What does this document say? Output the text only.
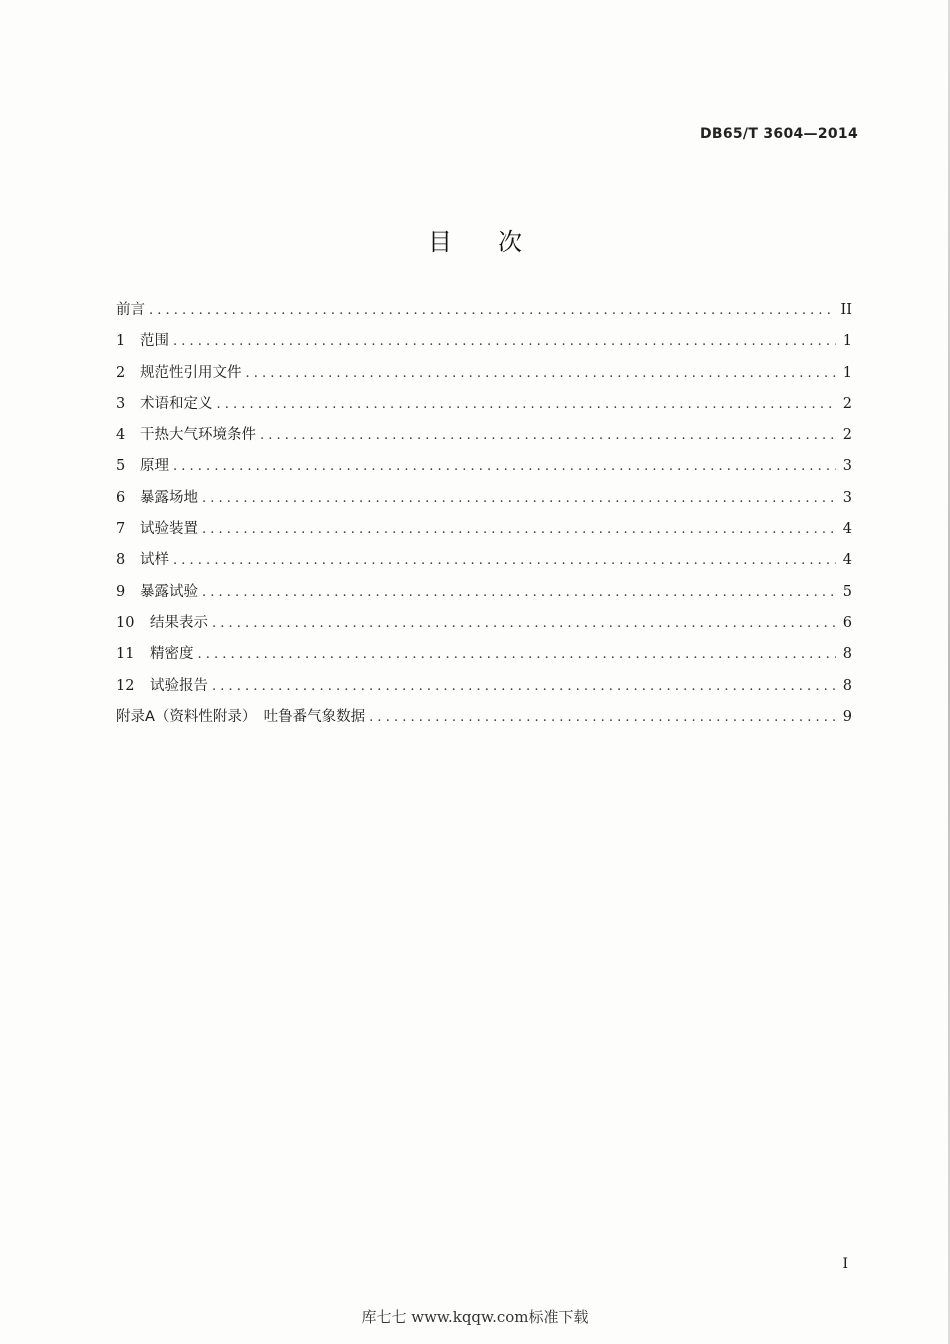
DB65/T 3604—2014
目次
前言 . . .	II
1	范围 . . .	1
2	规范性引用文件 . . .	1
3	术语和定义 . . .	2
4	干热大气环境条件 . . .	2
5	原理 . . .	3
6	暴露场地 . . .	3
7	试验装置 . . .	4
8	试样 . . .	4
9	暴露试验 . . .	5
10	结果表示 . . .	6
11	精密度 . . .	8
12	试验报告 . . .	8
附录A（资料性附录）　吐鲁番气象数据 . . .	9
I
库七七 www.kqqw.com标准下载
